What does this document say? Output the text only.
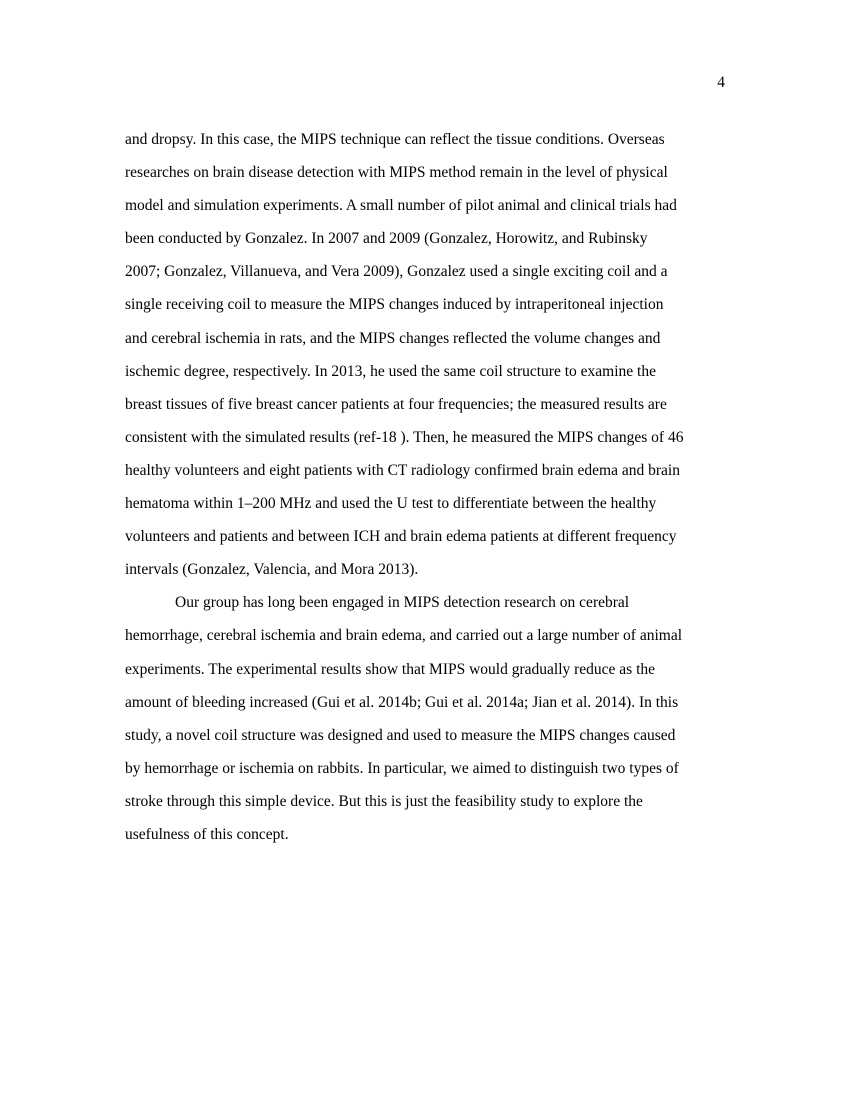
4
and dropsy. In this case, the MIPS technique can reflect the tissue conditions. Overseas
researches on brain disease detection with MIPS method remain in the level of physical
model and simulation experiments. A small number of pilot animal and clinical trials had
been conducted by Gonzalez. In 2007 and 2009 (Gonzalez, Horowitz, and Rubinsky
2007; Gonzalez, Villanueva, and Vera 2009), Gonzalez used a single exciting coil and a
single receiving coil to measure the MIPS changes induced by intraperitoneal injection
and cerebral ischemia in rats, and the MIPS changes reflected the volume changes and
ischemic degree, respectively. In 2013, he used the same coil structure to examine the
breast tissues of five breast cancer patients at four frequencies; the measured results are
consistent with the simulated results (ref-18 ). Then, he measured the MIPS changes of 46
healthy volunteers and eight patients with CT radiology confirmed brain edema and brain
hematoma within 1–200 MHz and used the U test to differentiate between the healthy
volunteers and patients and between ICH and brain edema patients at different frequency
intervals (Gonzalez, Valencia, and Mora 2013).
Our group has long been engaged in MIPS detection research on cerebral
hemorrhage, cerebral ischemia and brain edema, and carried out a large number of animal
experiments. The experimental results show that MIPS would gradually reduce as the
amount of bleeding increased (Gui et al. 2014b; Gui et al. 2014a; Jian et al. 2014). In this
study, a novel coil structure was designed and used to measure the MIPS changes caused
by hemorrhage or ischemia on rabbits. In particular, we aimed to distinguish two types of
stroke through this simple device. But this is just the feasibility study to explore the
usefulness of this concept.
